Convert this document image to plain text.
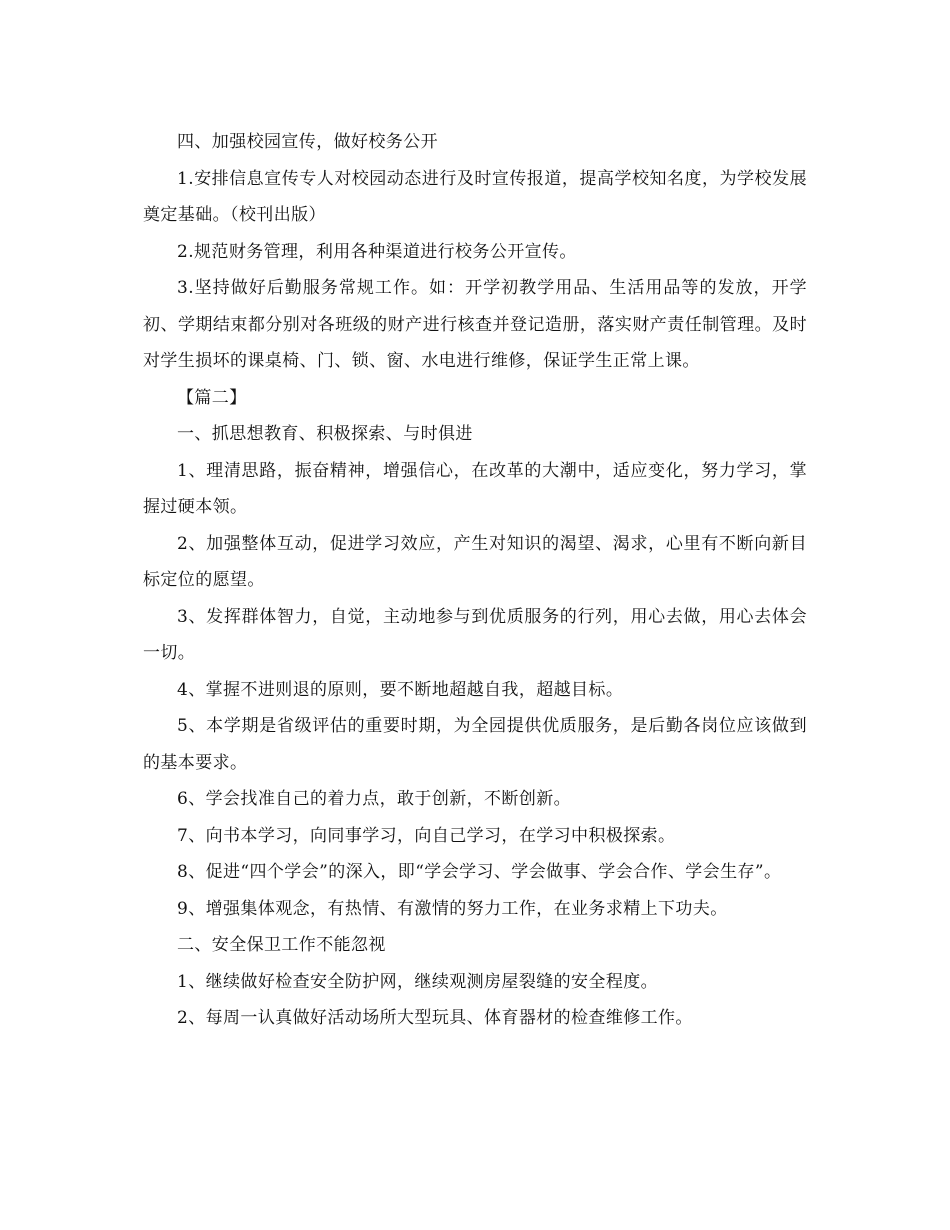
四、加强校园宣传，做好校务公开

1.安排信息宣传专人对校园动态进行及时宣传报道，提高学校知名度，为学校发展奠定基础。（校刊出版）

2.规范财务管理，利用各种渠道进行校务公开宣传。

3.坚持做好后勤服务常规工作。如：开学初教学用品、生活用品等的发放，开学初、学期结束都分别对各班级的财产进行核查并登记造册，落实财产责任制管理。及时对学生损坏的课桌椅、门、锁、窗、水电进行维修，保证学生正常上课。

【篇二】

一、抓思想教育、积极探索、与时俱进

1、理清思路，振奋精神，增强信心，在改革的大潮中，适应变化，努力学习，掌握过硬本领。

2、加强整体互动，促进学习效应，产生对知识的渴望、渴求，心里有不断向新目标定位的愿望。

3、发挥群体智力，自觉，主动地参与到优质服务的行列，用心去做，用心去体会一切。

4、掌握不进则退的原则，要不断地超越自我，超越目标。

5、本学期是省级评估的重要时期，为全园提供优质服务，是后勤各岗位应该做到的基本要求。

6、学会找准自己的着力点，敢于创新，不断创新。

7、向书本学习，向同事学习，向自己学习，在学习中积极探索。

8、促进“四个学会”的深入，即“学会学习、学会做事、学会合作、学会生存”。

9、增强集体观念，有热情、有激情的努力工作，在业务求精上下功夫。

二、安全保卫工作不能忽视

1、继续做好检查安全防护网，继续观测房屋裂缝的安全程度。

2、每周一认真做好活动场所大型玩具、体育器材的检查维修工作。
